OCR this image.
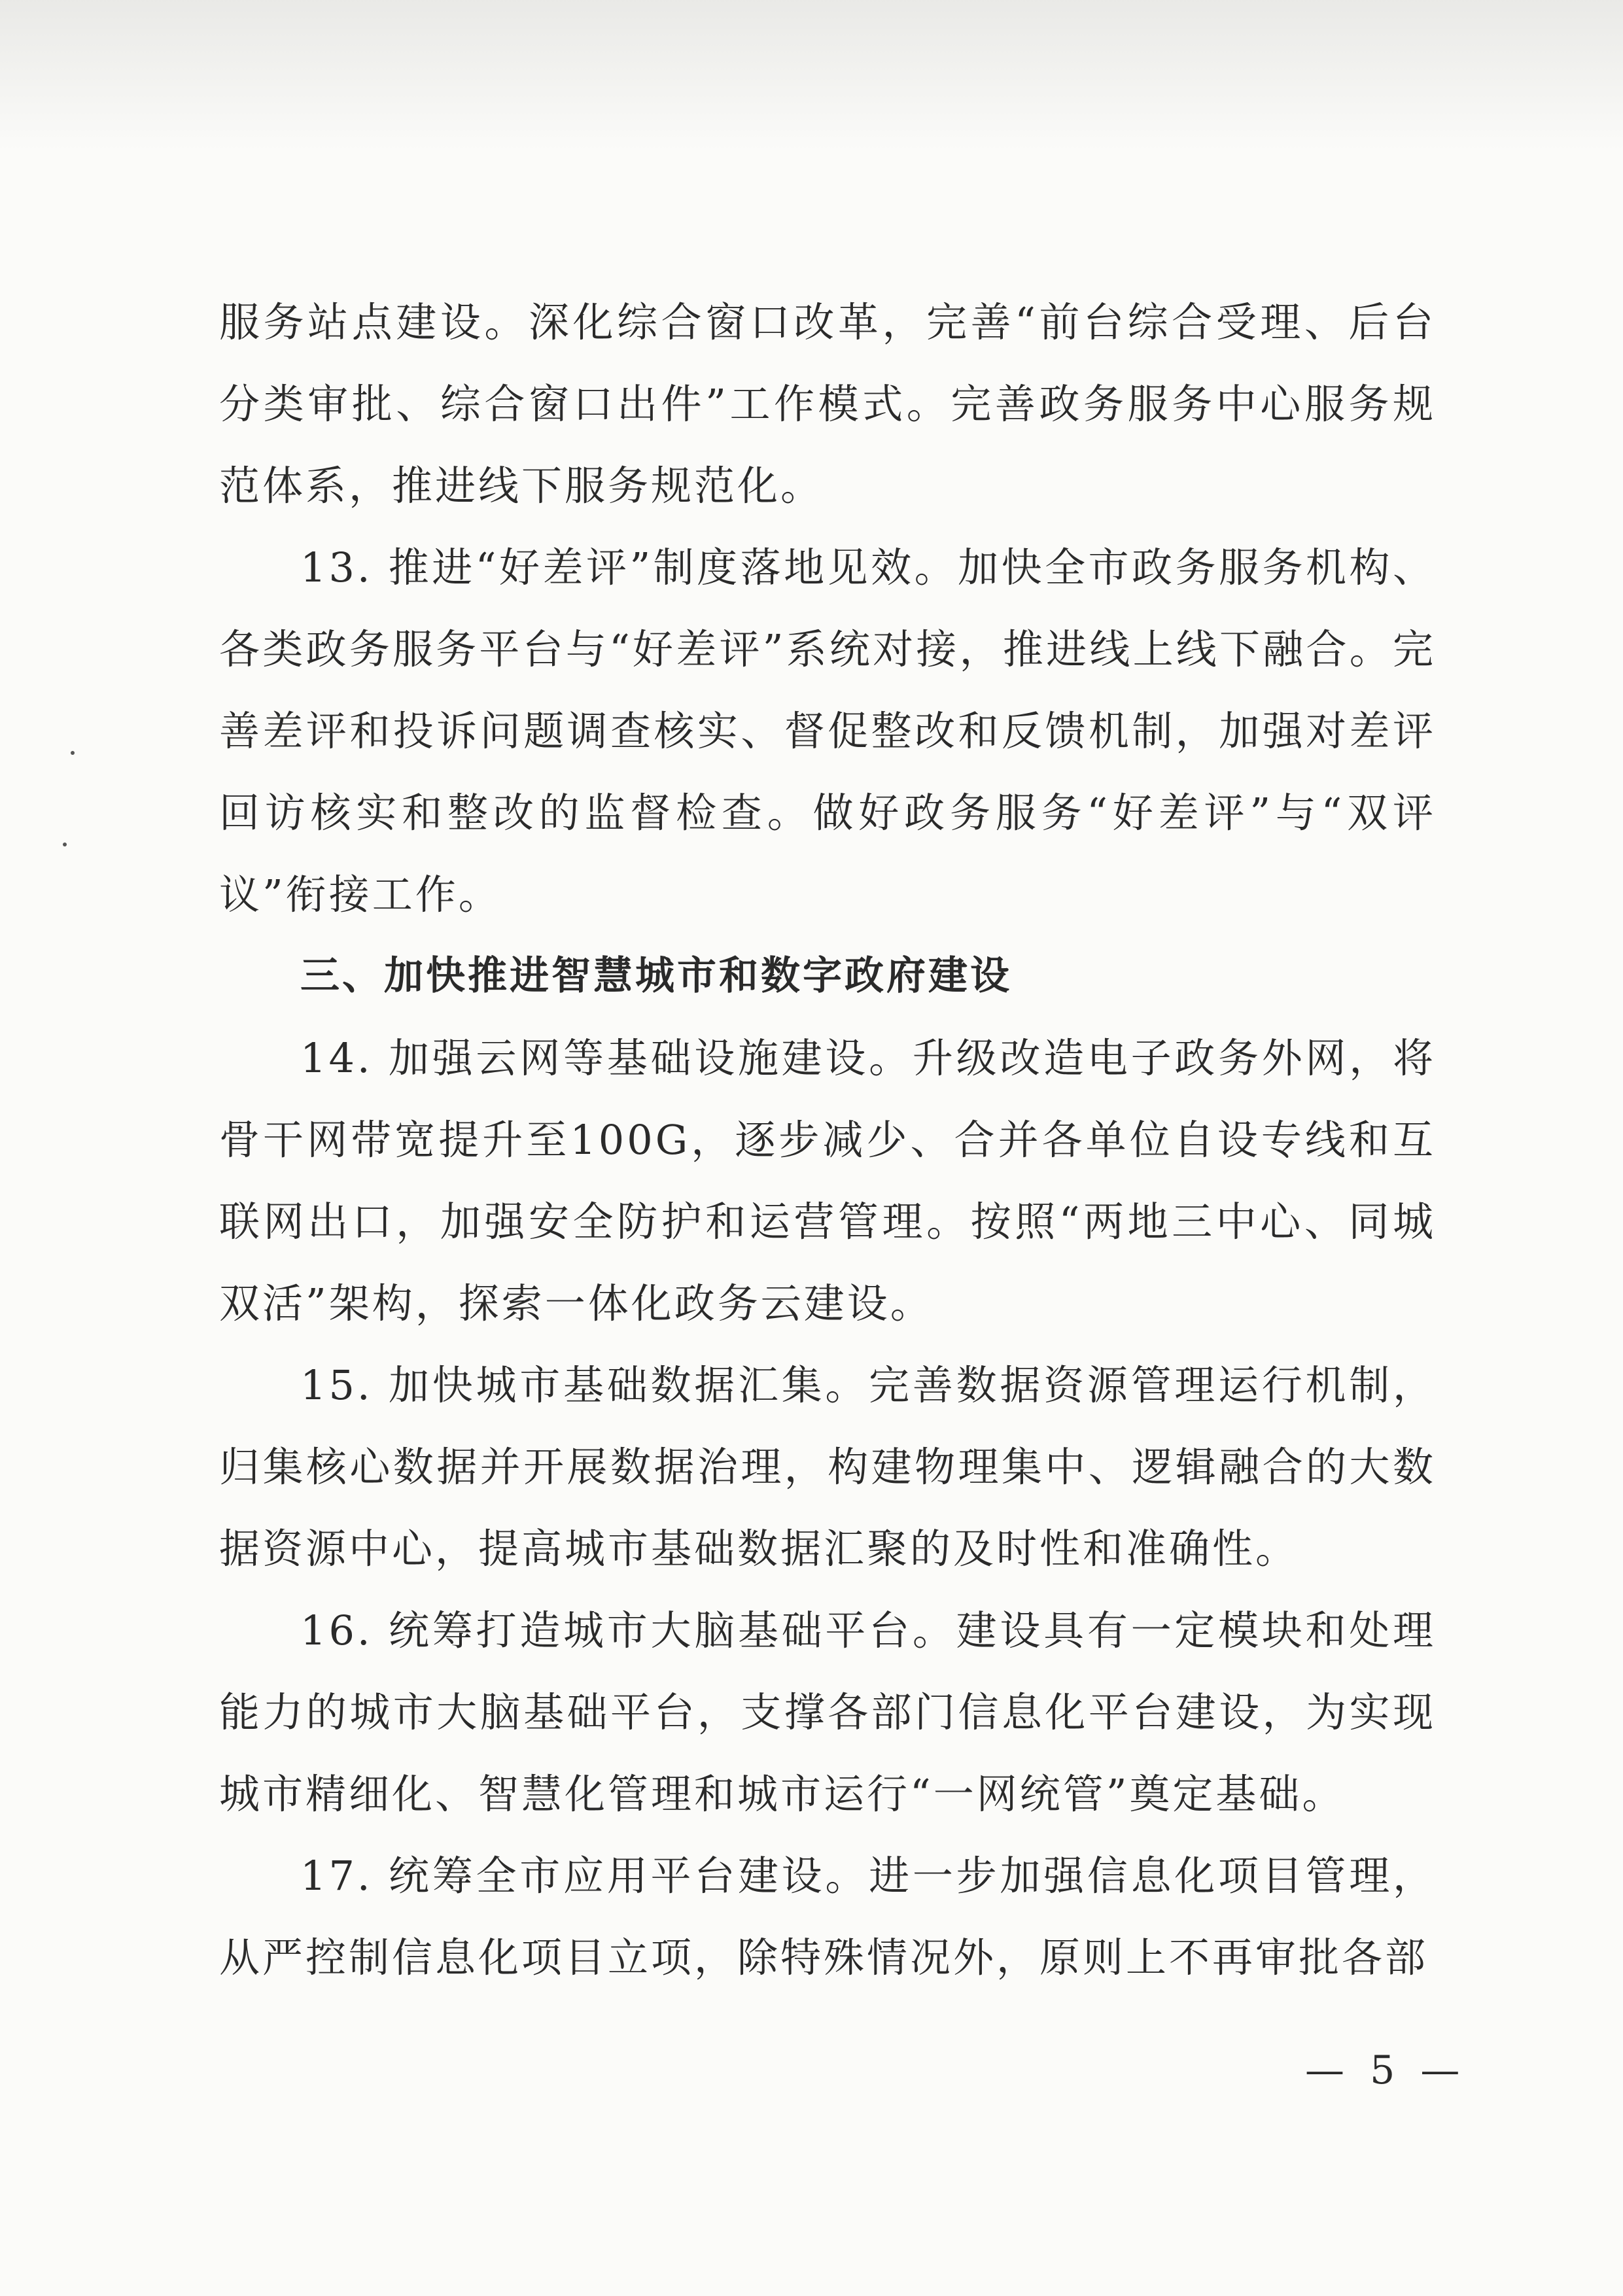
服务站点建设。深化综合窗口改革，完善“前台综合受理、后台分类审批、综合窗口出件”工作模式。完善政务服务中心服务规范体系，推进线下服务规范化。

13. 推进“好差评”制度落地见效。加快全市政务服务机构、各类政务服务平台与“好差评”系统对接，推进线上线下融合。完善差评和投诉问题调查核实、督促整改和反馈机制，加强对差评回访核实和整改的监督检查。做好政务服务“好差评”与“双评议”衔接工作。

三、加快推进智慧城市和数字政府建设

14. 加强云网等基础设施建设。升级改造电子政务外网，将骨干网带宽提升至100G，逐步减少、合并各单位自设专线和互联网出口，加强安全防护和运营管理。按照“两地三中心、同城双活”架构，探索一体化政务云建设。

15. 加快城市基础数据汇集。完善数据资源管理运行机制，归集核心数据并开展数据治理，构建物理集中、逻辑融合的大数据资源中心，提高城市基础数据汇聚的及时性和准确性。

16. 统筹打造城市大脑基础平台。建设具有一定模块和处理能力的城市大脑基础平台，支撑各部门信息化平台建设，为实现城市精细化、智慧化管理和城市运行“一网统管”奠定基础。

17. 统筹全市应用平台建设。进一步加强信息化项目管理，从严控制信息化项目立项，除特殊情况外，原则上不再审批各部

— 5 —
